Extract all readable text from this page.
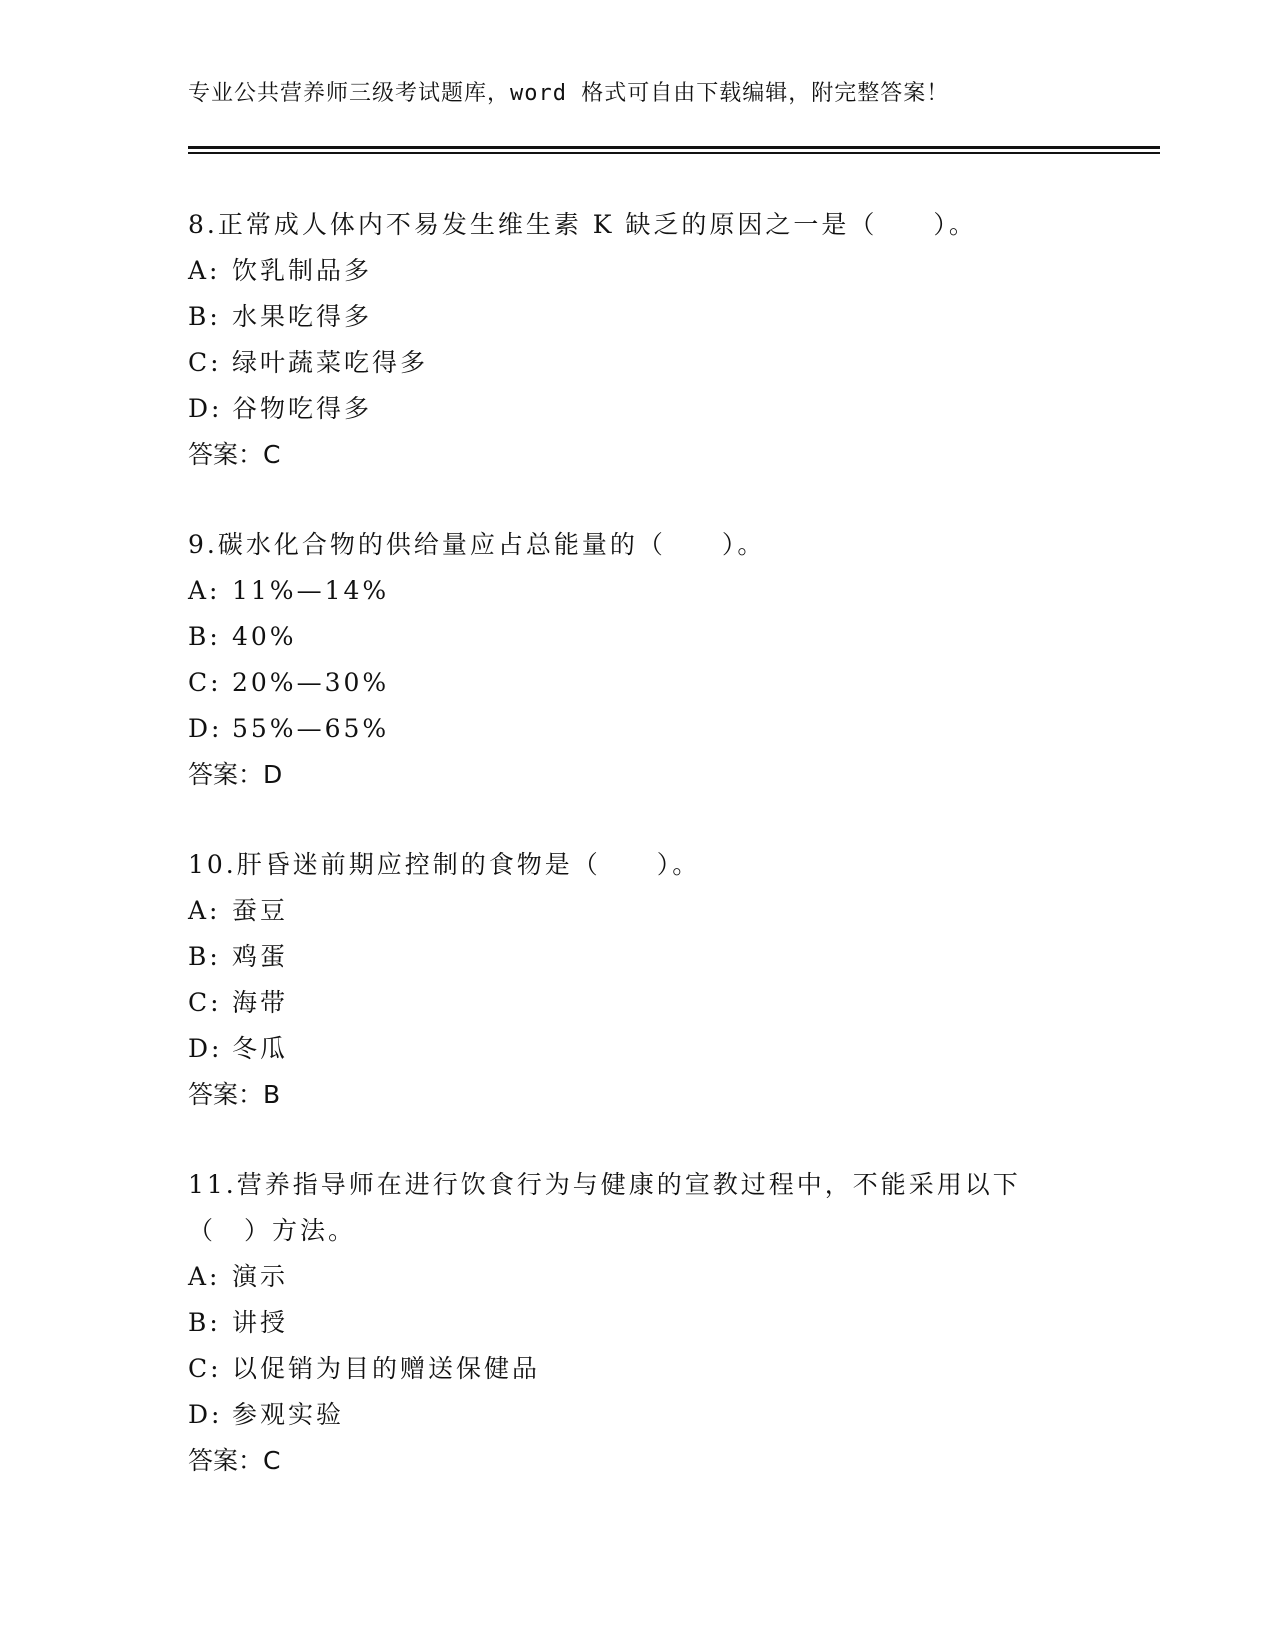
专业公共营养师三级考试题库，word 格式可自由下载编辑，附完整答案！

8.正常成人体内不易发生维生素 K 缺乏的原因之一是（　　）。

A: 饮乳制品多

B: 水果吃得多

C: 绿叶蔬菜吃得多

D: 谷物吃得多

答案：C

9.碳水化合物的供给量应占总能量的（　　）。

A: 11%—14%

B: 40%

C: 20%—30%

D: 55%—65%

答案：D

10.肝昏迷前期应控制的食物是（　　）。

A: 蚕豆

B: 鸡蛋

C: 海带

D: 冬瓜

答案：B

11.营养指导师在进行饮食行为与健康的宣教过程中，不能采用以下（　）方法。

A: 演示

B: 讲授

C: 以促销为目的赠送保健品

D: 参观实验

答案：C
